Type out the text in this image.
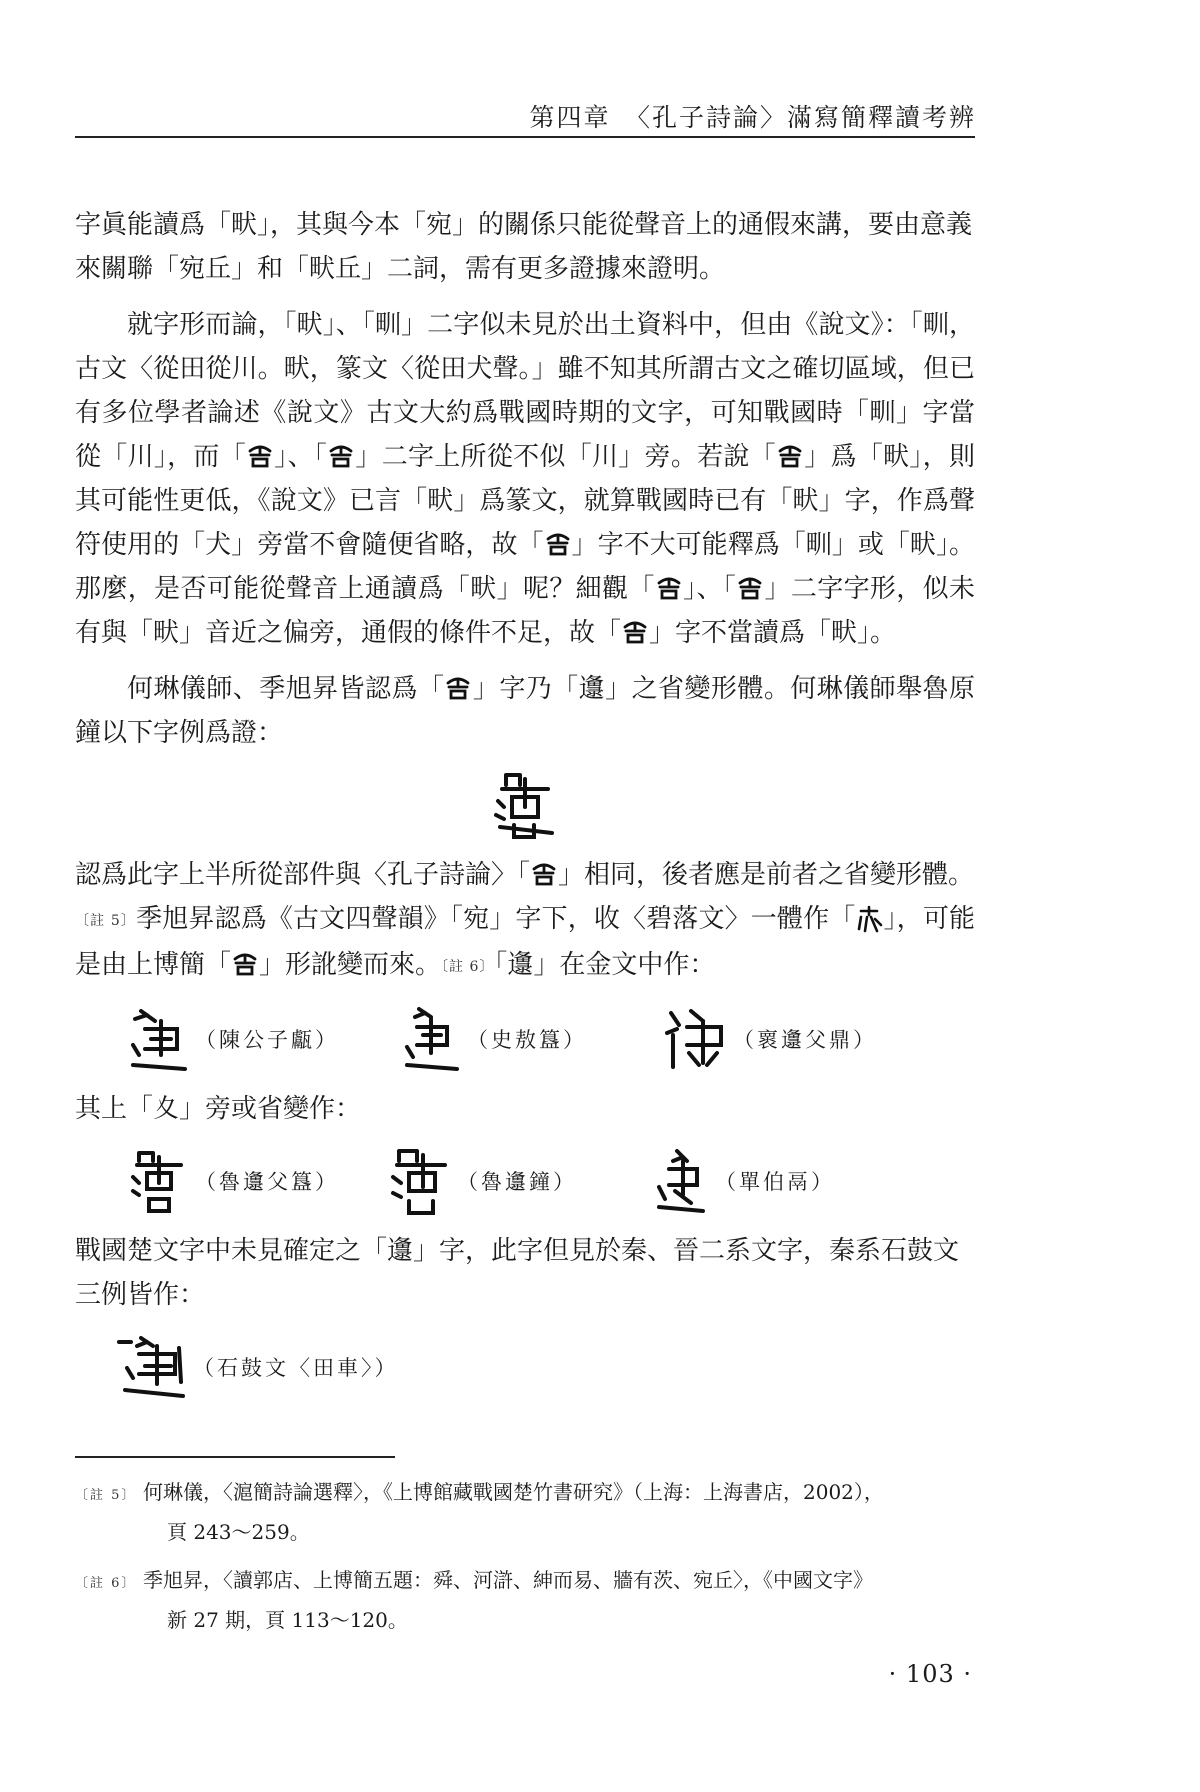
第四章　〈孔子詩論〉滿寫簡釋讀考辨

字眞能讀爲「畎」，其與今本「宛」的關係只能從聲音上的通假來講，要由意義
來關聯「宛丘」和「畎丘」二詞，需有更多證據來證明。

就字形而論，「畎」、「甽」二字似未見於出土資料中，但由《說文》：「甽，古文〈從田從川。畎，篆文〈從田犬聲。」雖不知其所謂古文之確切區域，但已有多位學者論述《說文》古文大約爲戰國時期的文字，可知戰國時「甽」字當從「川」，而「 」、「 」二字上所從不似「川」旁。若說「 」爲「畎」，則其可能性更低，《說文》已言「畎」爲篆文，就算戰國時已有「畎」字，作爲聲符使用的「犬」旁當不會隨便省略，故「 」字不大可能釋爲「甽」或「畎」。那麼，是否可能從聲音上通讀爲「畎」呢？細觀「 」、「 」二字字形，似未有與「畎」音近之偏旁，通假的條件不足，故「 」字不當讀爲「畎」。

何琳儀師、季旭昇皆認爲「 」字乃「邍」之省變形體。何琳儀師舉魯原鐘以下字例爲證：

認爲此字上半所從部件與〈孔子詩論〉「 」相同，後者應是前者之省變形體。
〔註 5〕季旭昇認爲《古文四聲韻》「宛」字下，收〈碧落文〉一體作「 」，可能是由上博簡「 」形訛變而來。〔註 6〕「邍」在金文中作：

（陳公子甗）	（史敖簋）	（褱邍父鼎）

其上「夊」旁或省變作：

（魯邍父簋）	（魯邍鐘）	（單伯鬲）

戰國楚文字中未見確定之「邍」字，此字但見於秦、晉二系文字，秦系石鼓文
三例皆作：

（石鼓文〈田車〉）
〔註 5〕 何琳儀，〈滬簡詩論選釋〉，《上博館藏戰國楚竹書研究》（上海：上海書店，2002），
頁 243～259。
〔註 6〕 季旭昇，〈讀郭店、上博簡五題：舜、河滸、紳而易、牆有茨、宛丘〉，《中國文字》
新 27 期，頁 113～120。
· 103 ·
